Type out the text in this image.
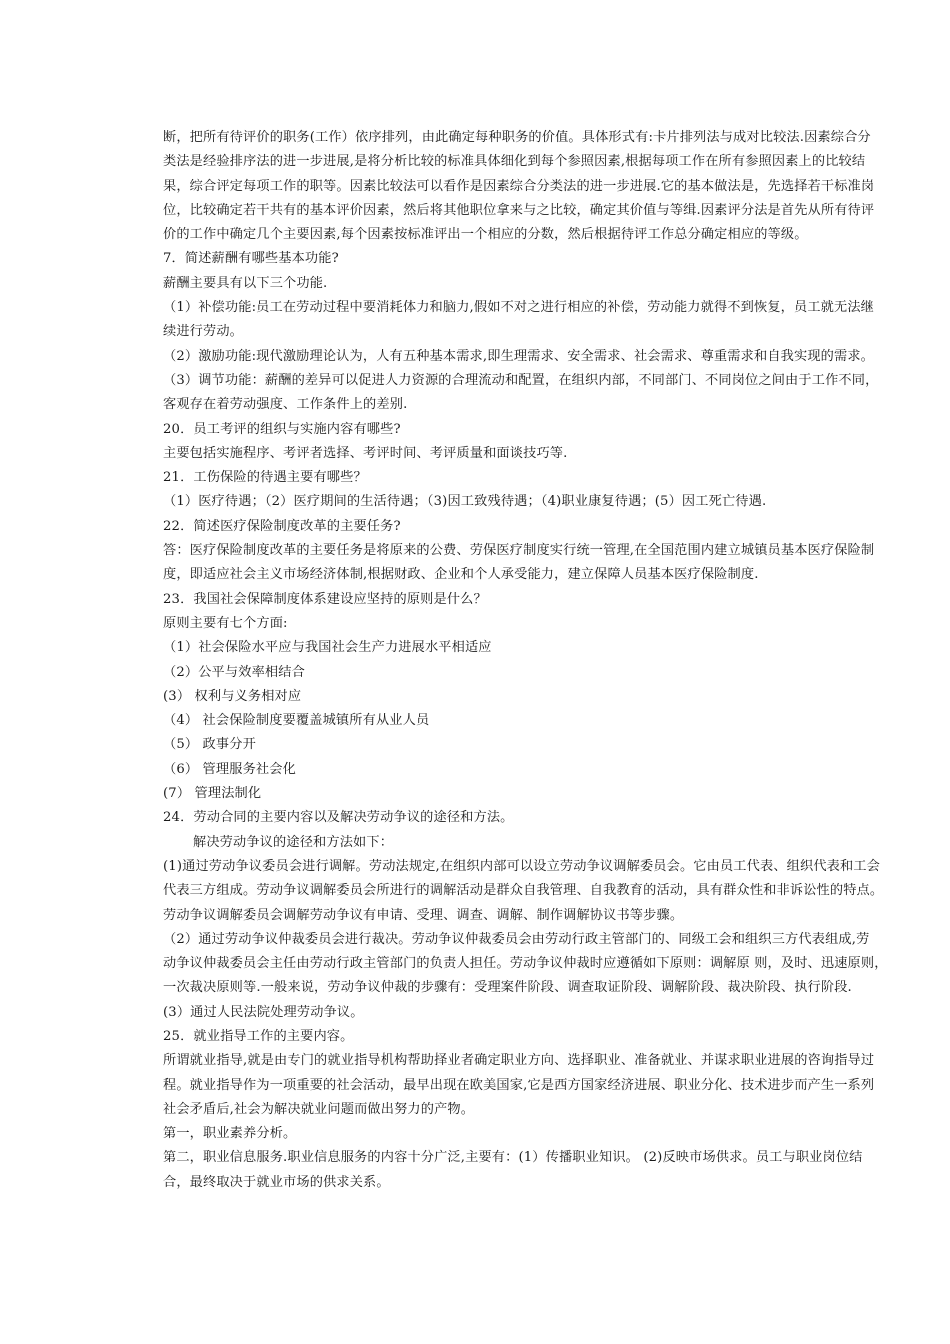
断，把所有待评价的职务(工作）依序排列，由此确定每种职务的价值。具体形式有:卡片排列法与成对比较法.因素综合分
类法是经验排序法的进一步进展,是将分析比较的标准具体细化到每个参照因素,根据每项工作在所有参照因素上的比较结
果，综合评定每项工作的职等。因素比较法可以看作是因素综合分类法的进一步进展.它的基本做法是，先选择若干标准岗
位，比较确定若干共有的基本评价因素，然后将其他职位拿来与之比较，确定其价值与等缉.因素评分法是首先从所有待评
价的工作中确定几个主要因素,每个因素按标准评出一个相应的分数，然后根据待评工作总分确定相应的等级。
7．简述薪酬有哪些基本功能?
薪酬主要具有以下三个功能.
（1）补偿功能:员工在劳动过程中要消耗体力和脑力,假如不对之进行相应的补偿，劳动能力就得不到恢复，员工就无法继
续进行劳动。
（2）激励功能:现代激励理论认为，人有五种基本需求,即生理需求、安全需求、社会需求、尊重需求和自我实现的需求。
（3）调节功能：薪酬的差异可以促进人力资源的合理流动和配置，在组织内部，不同部门、不同岗位之间由于工作不同，
客观存在着劳动强度、工作条件上的差别.
20．员工考评的组织与实施内容有哪些?
主要包括实施程序、考评者选择、考评时间、考评质量和面谈技巧等.
21．工伤保险的待遇主要有哪些？
（1）医疗待遇；（2）医疗期间的生活待遇；（3)因工致残待遇；（4)职业康复待遇；(5）因工死亡待遇.
22．简述医疗保险制度改革的主要任务?
答：医疗保险制度改革的主要任务是将原来的公费、劳保医疗制度实行统一管理,在全国范围内建立城镇员基本医疗保险制
度，即适应社会主义市场经济体制,根据财政、企业和个人承受能力，建立保障人员基本医疗保险制度.
23．我国社会保障制度体系建设应坚持的原则是什么？
原则主要有七个方面:
（1）社会保险水平应与我国社会生产力进展水平相适应
（2）公平与效率相结合
(3） 权利与义务相对应
（4） 社会保险制度要覆盖城镇所有从业人员
（5） 政事分开
（6） 管理服务社会化
(7） 管理法制化
24．劳动合同的主要内容以及解决劳动争议的途径和方法。
解决劳动争议的途径和方法如下：
(1)通过劳动争议委员会进行调解。劳动法规定,在组织内部可以设立劳动争议调解委员会。它由员工代表、组织代表和工会
代表三方组成。劳动争议调解委员会所进行的调解活动是群众自我管理、自我教育的活动，具有群众性和非诉讼性的特点。
劳动争议调解委员会调解劳动争议有申请、受理、调查、调解、制作调解协议书等步骤。
（2）通过劳动争议仲裁委员会进行裁决。劳动争议仲裁委员会由劳动行政主管部门的、同级工会和组织三方代表组成,劳
动争议仲裁委员会主任由劳动行政主管部门的负责人担任。劳动争议仲裁时应遵循如下原则：调解原 则，及时、迅速原则，
一次裁决原则等.一般来说，劳动争议仲裁的步骤有：受理案件阶段、调查取证阶段、调解阶段、裁决阶段、执行阶段.
(3）通过人民法院处理劳动争议。
25．就业指导工作的主要内容。
所谓就业指导,就是由专门的就业指导机构帮助择业者确定职业方向、选择职业、准备就业、并谋求职业进展的咨询指导过
程。就业指导作为一项重要的社会活动，最早出现在欧美国家,它是西方国家经济进展、职业分化、技术进步而产生一系列
社会矛盾后,社会为解决就业问题而做出努力的产物。
第一，职业素养分析。
第二，职业信息服务.职业信息服务的内容十分广泛,主要有：(1）传播职业知识。 (2)反映市场供求。员工与职业岗位结
合，最终取决于就业市场的供求关系。
